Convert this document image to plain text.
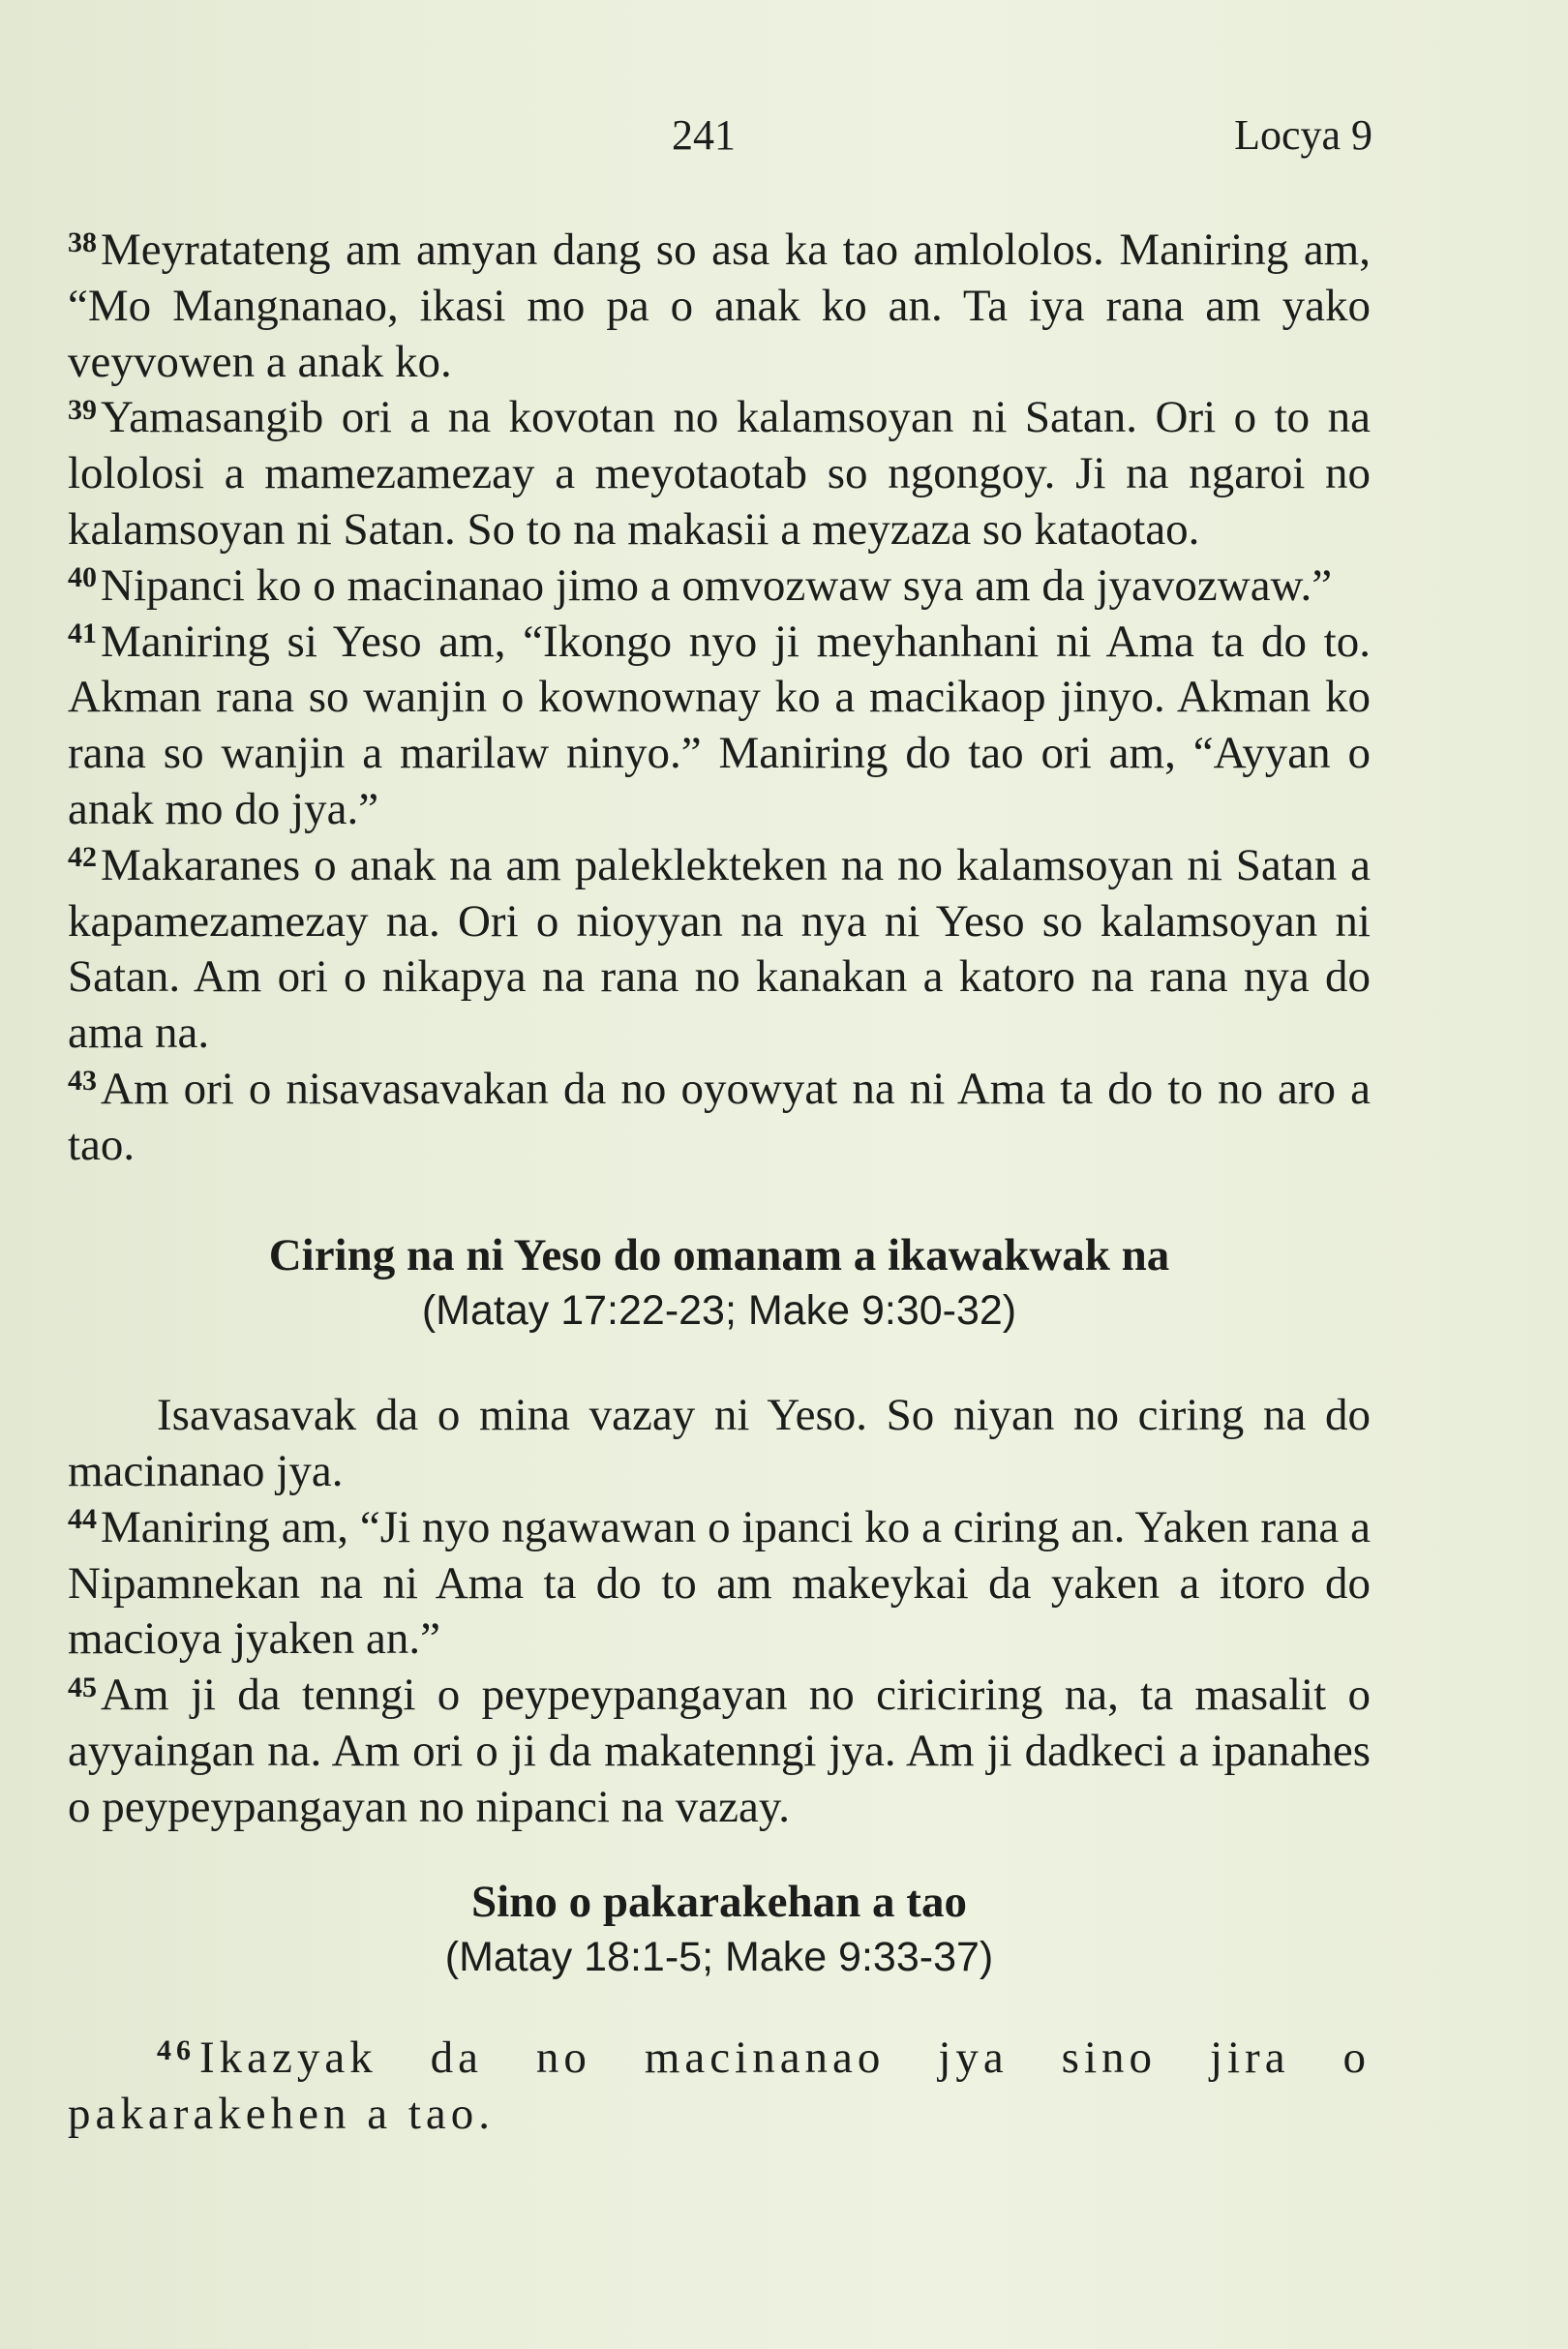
241	Locya 9

$^{38}$Meyratateng am amyan dang so asa ka tao amlololos. Maniring am, “Mo Mangnanao, ikasi mo pa o anak ko an. Ta iya rana am yako veyvowen a anak ko.

$^{39}$Yamasangib ori a na kovotan no kalamsoyan ni Satan. Ori o to na lololosi a mamezamezay a meyotaotab so ngongoy. Ji na ngaroi no kalamsoyan ni Satan. So to na makasii a meyzaza so kataotao.

$^{40}$Nipanci ko o macinanao jimo a omvozwaw sya am da jyavozwaw.”

$^{41}$Maniring si Yeso am, “Ikongo nyo ji meyhanhani ni Ama ta do to. Akman rana so wanjin o kownownay ko a macikaop jinyo. Akman ko rana so wanjin a marilaw ninyo.” Maniring do tao ori am, “Ayyan o anak mo do jya.”

$^{42}$Makaranes o anak na am paleklekteken na no kalamsoyan ni Satan a kapamezamezay na. Ori o nioyyan na nya ni Yeso so kalamsoyan ni Satan. Am ori o nikapya na rana no kanakan a katoro na rana nya do ama na.

$^{43}$Am ori o nisavasavakan da no oyowyat na ni Ama ta do to no aro a tao.

Ciring na ni Yeso do omanam a ikawakwak na

(Matay 17:22-23; Make 9:30-32)

Isavasavak da o mina vazay ni Yeso. So niyan no ciring na do macinanao jya.

$^{44}$Maniring am, “Ji nyo ngawawan o ipanci ko a ciring an. Yaken rana a Nipamnekan na ni Ama ta do to am makeykai da yaken a itoro do macioya jyaken an.”

$^{45}$Am ji da tenngi o peypeypangayan no ciriciring na, ta masalit o ayyaingan na. Am ori o ji da makatenngi jya. Am ji dadkeci a ipanahes o peypeypangayan no nipanci na vazay.

Sino o pakarakehan a tao

(Matay 18:1-5; Make 9:33-37)

$^{46}$Ikazyak da no macinanao jya sino jira o pakarakehen a tao.
